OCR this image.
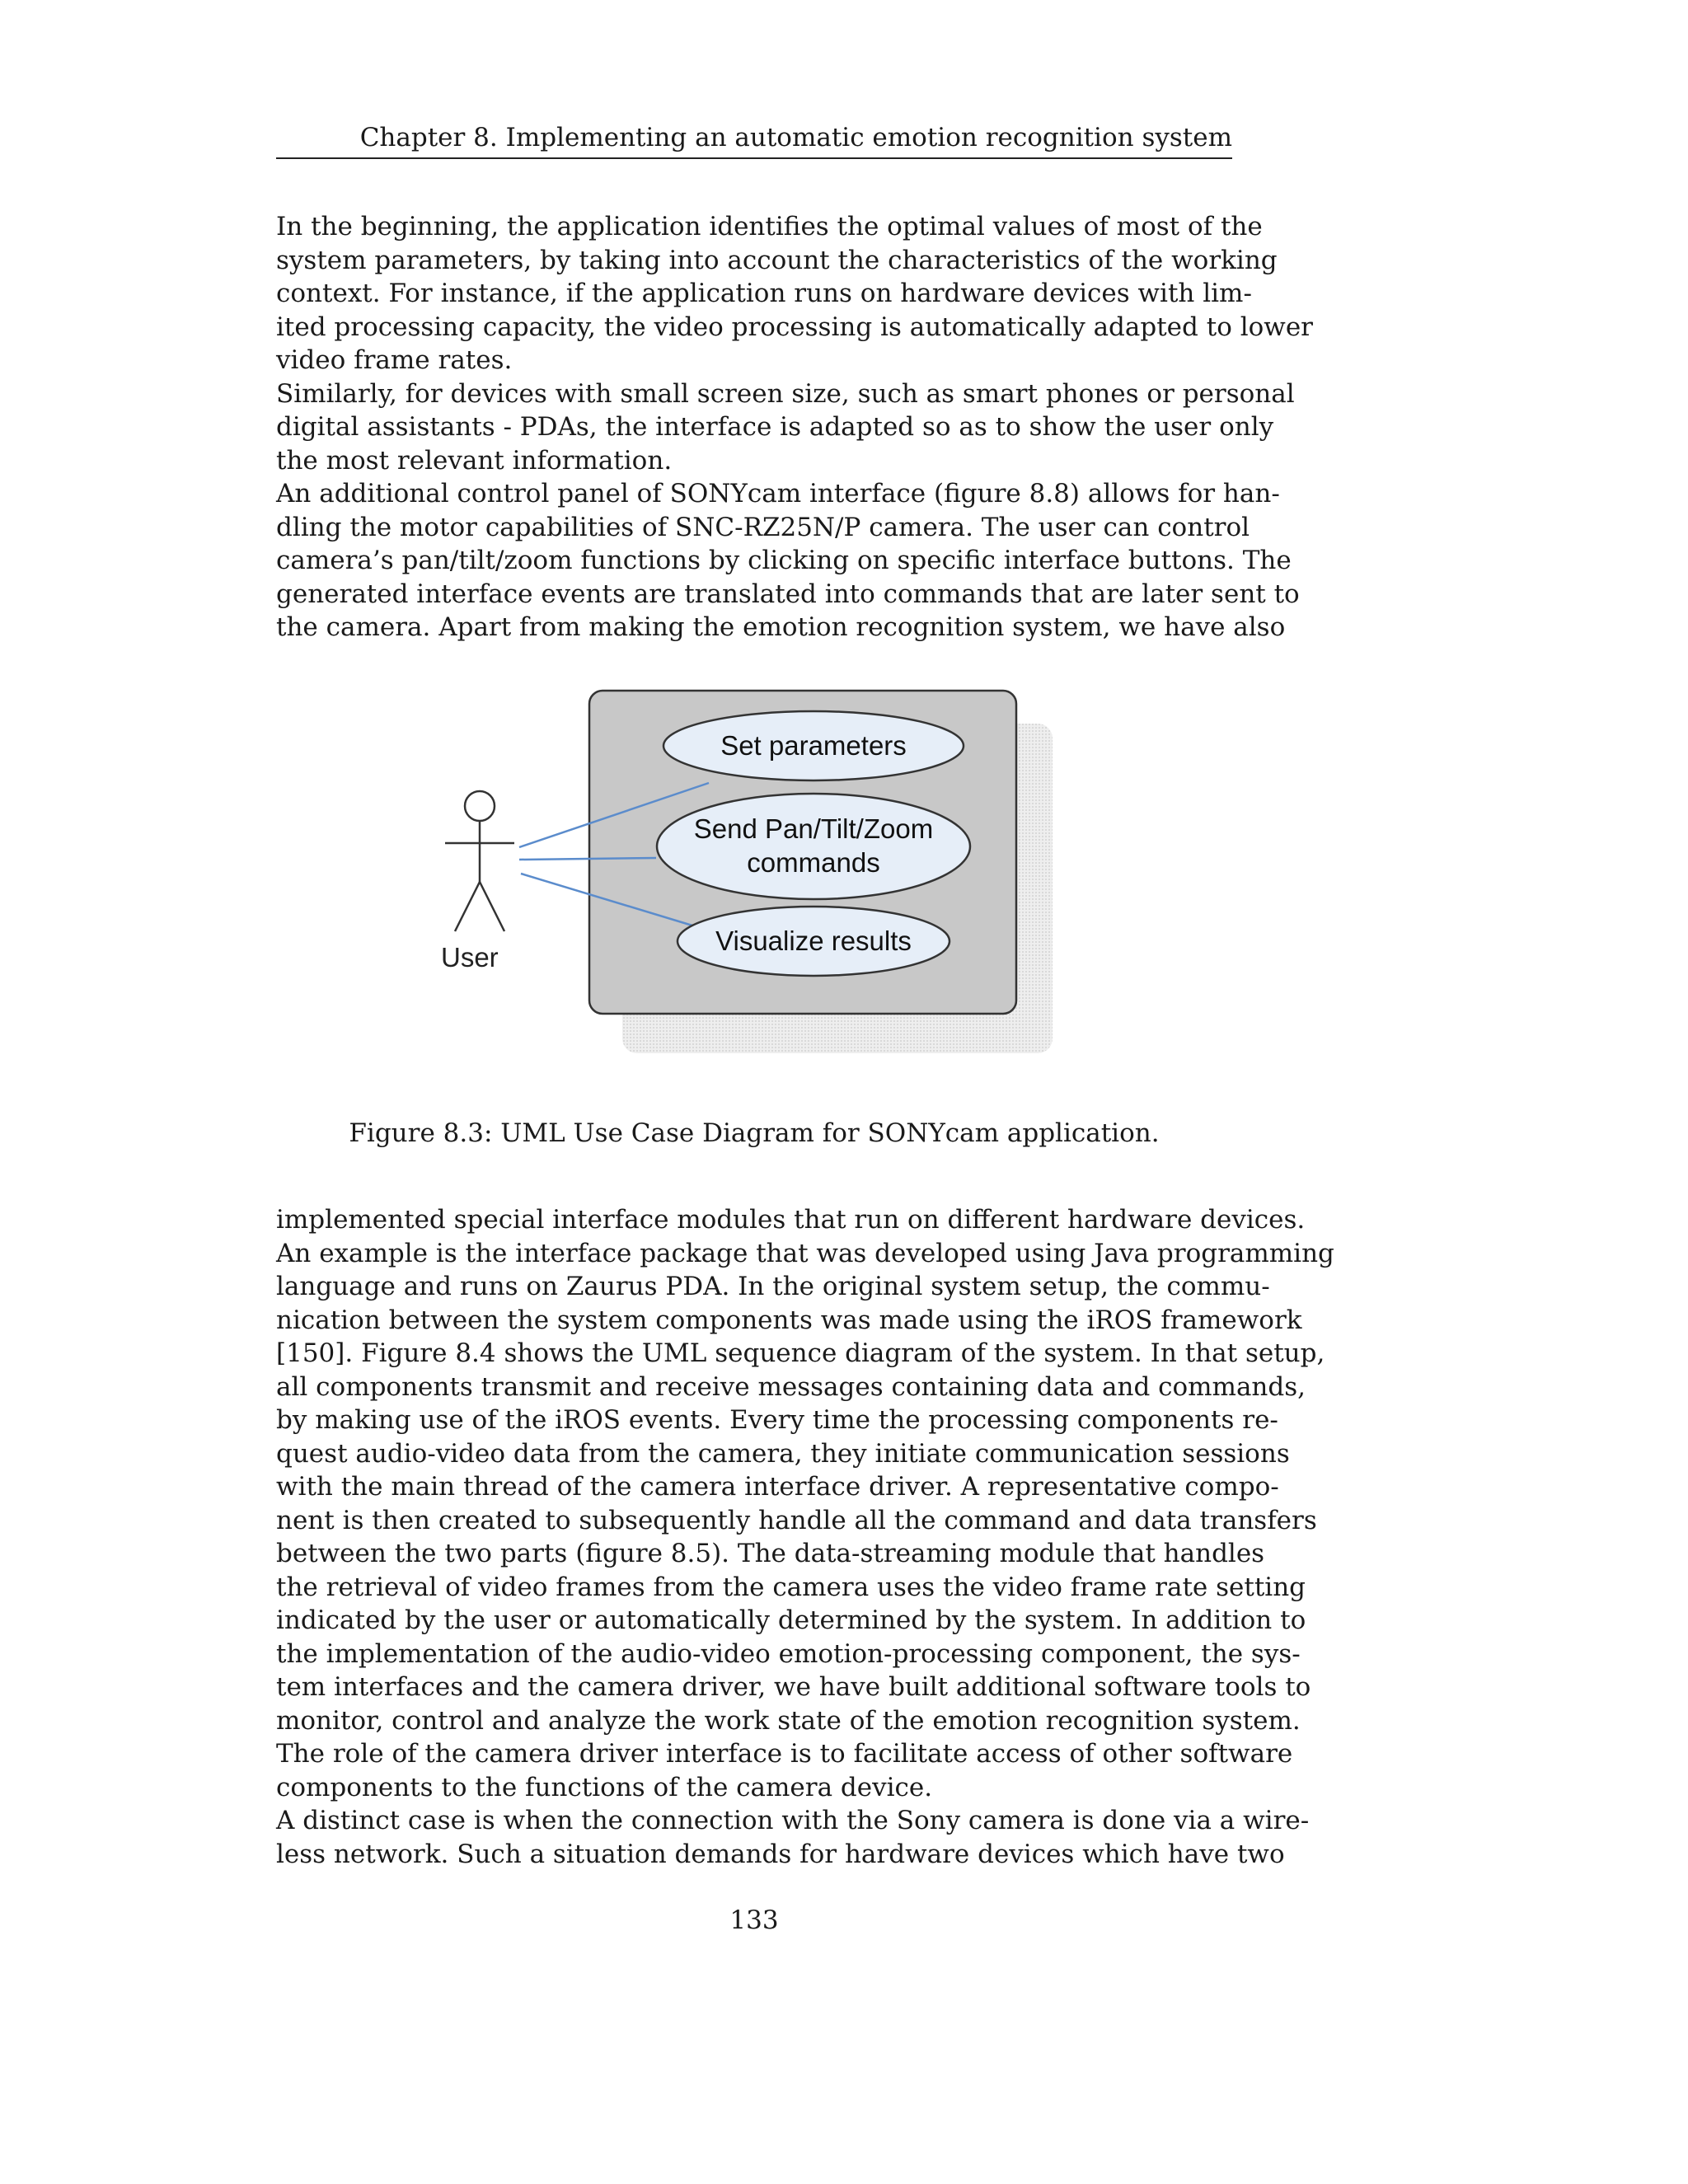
Chapter 8. Implementing an automatic emotion recognition system
In the beginning, the application identifies the optimal values of most of the
system parameters, by taking into account the characteristics of the working
context. For instance, if the application runs on hardware devices with lim-
ited processing capacity, the video processing is automatically adapted to lower
video frame rates.
Similarly, for devices with small screen size, such as smart phones or personal
digital assistants - PDAs, the interface is adapted so as to show the user only
the most relevant information.
An additional control panel of SONYcam interface (figure 8.8) allows for han-
dling the motor capabilities of SNC-RZ25N/P camera. The user can control
camera’s pan/tilt/zoom functions by clicking on specific interface buttons. The
generated interface events are translated into commands that are later sent to
the camera. Apart from making the emotion recognition system, we have also
User
Set parameters
Send Pan/Tilt/Zoom
commands
Visualize results
Figure 8.3: UML Use Case Diagram for SONYcam application.
implemented special interface modules that run on different hardware devices.
An example is the interface package that was developed using Java programming
language and runs on Zaurus PDA. In the original system setup, the commu-
nication between the system components was made using the iROS framework
[150]. Figure 8.4 shows the UML sequence diagram of the system. In that setup,
all components transmit and receive messages containing data and commands,
by making use of the iROS events. Every time the processing components re-
quest audio-video data from the camera, they initiate communication sessions
with the main thread of the camera interface driver. A representative compo-
nent is then created to subsequently handle all the command and data transfers
between the two parts (figure 8.5). The data-streaming module that handles
the retrieval of video frames from the camera uses the video frame rate setting
indicated by the user or automatically determined by the system. In addition to
the implementation of the audio-video emotion-processing component, the sys-
tem interfaces and the camera driver, we have built additional software tools to
monitor, control and analyze the work state of the emotion recognition system.
The role of the camera driver interface is to facilitate access of other software
components to the functions of the camera device.
A distinct case is when the connection with the Sony camera is done via a wire-
less network. Such a situation demands for hardware devices which have two
133
